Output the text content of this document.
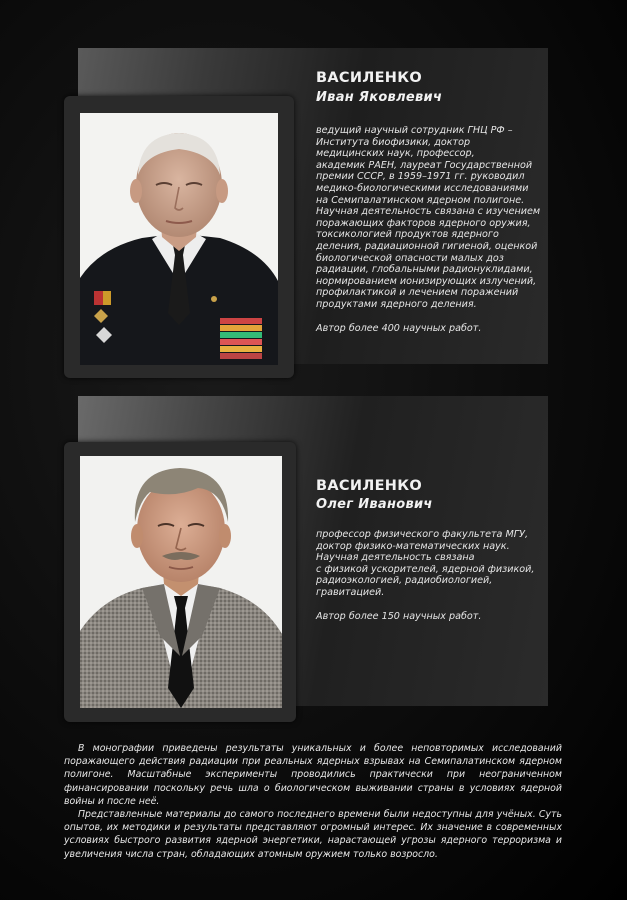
ВАСИЛЕНКО
Иван Яковлевич

ведущий научный сотрудник ГНЦ РФ –

Института биофизики, доктор

медицинских наук, профессор,

академик РАЕН, лауреат Государственной

премии СССР, в 1959–1971 гг. руководил

медико-биологическими исследованиями

на Семипалатинском ядерном полигоне.

Научная деятельность связана с изучением

поражающих факторов ядерного оружия,

токсикологией продуктов ядерного

деления, радиационной гигиеной, оценкой

биологической опасности малых доз

радиации, глобальными радионуклидами,

нормированием ионизирующих излучений,

профилактикой и лечением поражений

продуктами ядерного деления.

Автор более 400 научных работ.

ВАСИЛЕНКО
Олег Иванович

профессор физического факультета МГУ,

доктор физико-математических наук.

Научная деятельность связана

с физикой ускорителей, ядерной физикой,

радиоэкологией, радиобиологией,

гравитацией.

Автор более 150 научных работ.

В монографии приведены результаты уникальных и более неповторимых исследований поражающего действия радиации при реальных ядерных взрывах на Семипалатинском ядерном полигоне. Масштабные эксперименты проводились практически при неограниченном финансировании поскольку речь шла о биологическом выживании страны в условиях ядерной войны и после неё.

Представленные материалы до самого последнего времени были недоступны для учёных. Суть опытов, их методики и результаты представляют огромный интерес. Их значение в современных условиях быстрого развития ядерной энергетики, нарастающей угрозы ядерного терроризма и увеличения числа стран, обладающих атомным оружием только возросло.
